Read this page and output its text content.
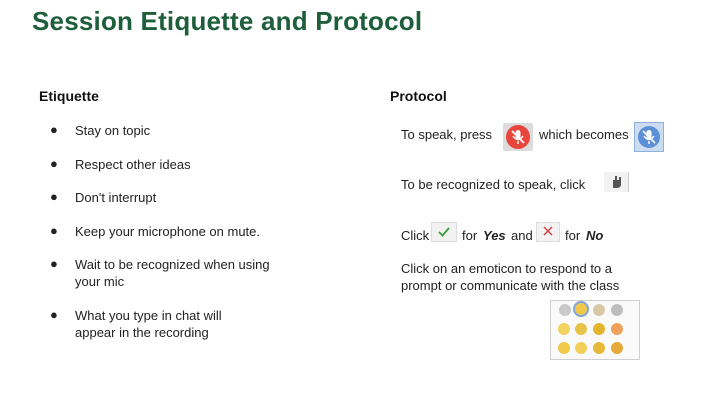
Session Etiquette and Protocol
Etiquette
●	Stay on topic
●	Respect other ideas
●	Don't interrupt
●	Keep your microphone on mute.
●	Wait to be recognized when using your mic
●	What you type in chat will appear in the recording
Protocol
To speak, press	which becomes
To be recognized to speak, click
Click	for Yes and for No
Click on an emoticon to respond to a prompt or communicate with the class
